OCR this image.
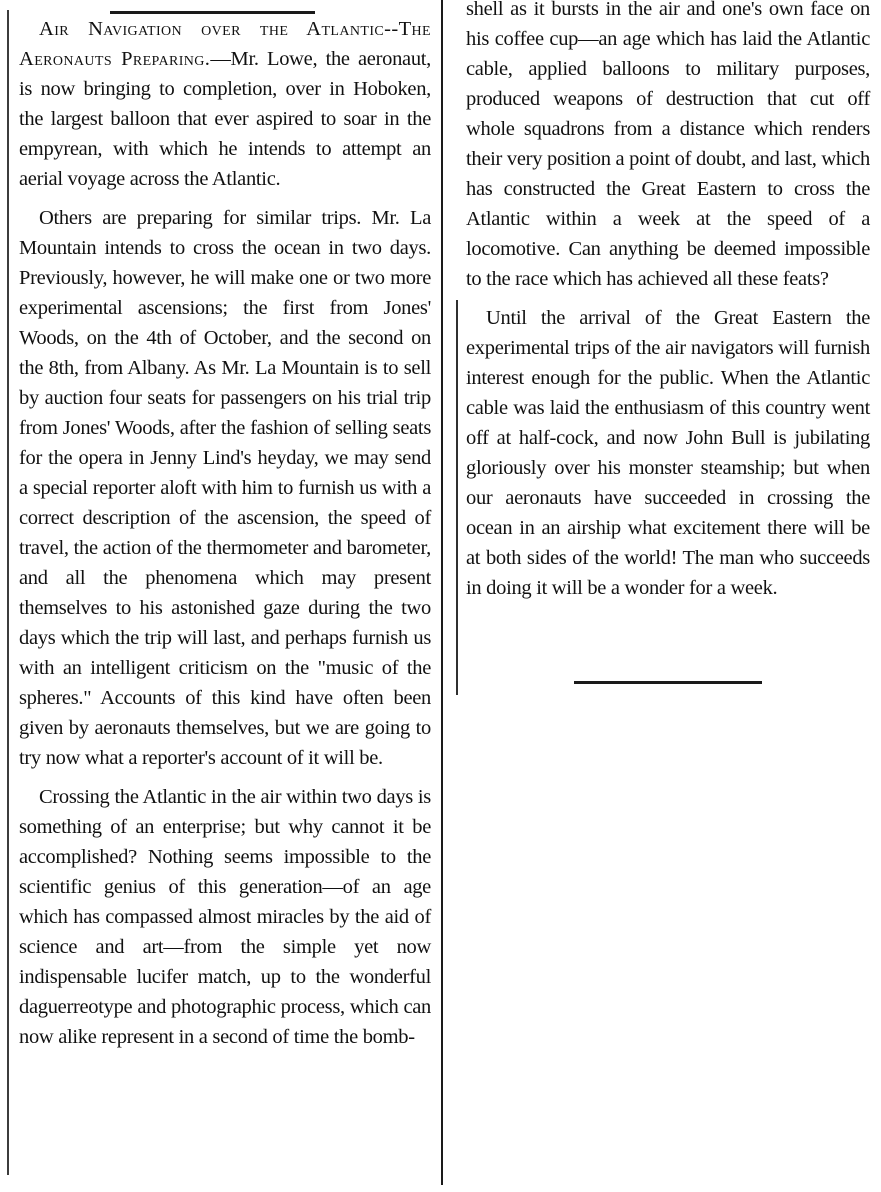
Air Navigation over the Atlantic--The Aeronauts Preparing.—Mr. Lowe, the aeronaut, is now bringing to completion, over in Hoboken, the largest balloon that ever aspired to soar in the empyrean, with which he intends to attempt an aerial voyage across the Atlantic.

Others are preparing for similar trips. Mr. La Mountain intends to cross the ocean in two days. Previously, however, he will make one or two more experimental ascensions; the first from Jones' Woods, on the 4th of October, and the second on the 8th, from Albany. As Mr. La Mountain is to sell by auction four seats for passengers on his trial trip from Jones' Woods, after the fashion of selling seats for the opera in Jenny Lind's heyday, we may send a special reporter aloft with him to furnish us with a correct description of the ascension, the speed of travel, the action of the thermometer and barometer, and all the phenomena which may present themselves to his astonished gaze during the two days which the trip will last, and perhaps furnish us with an intelligent criticism on the "music of the spheres." Accounts of this kind have often been given by aeronauts themselves, but we are going to try now what a reporter's account of it will be.

Crossing the Atlantic in the air within two days is something of an enterprise; but why cannot it be accomplished? Nothing seems impossible to the scientific genius of this generation—of an age which has compassed almost miracles by the aid of science and art—from the simple yet now indispensable lucifer match, up to the wonderful daguerreotype and photographic process, which can now alike represent in a second of time the bomb-

shell as it bursts in the air and one's own face on his coffee cup—an age which has laid the Atlantic cable, applied balloons to military purposes, produced weapons of destruction that cut off whole squadrons from a distance which renders their very position a point of doubt, and last, which has constructed the Great Eastern to cross the Atlantic within a week at the speed of a locomotive. Can anything be deemed impossible to the race which has achieved all these feats?

Until the arrival of the Great Eastern the experimental trips of the air navigators will furnish interest enough for the public. When the Atlantic cable was laid the enthusiasm of this country went off at half-cock, and now John Bull is jubilating gloriously over his monster steamship; but when our aeronauts have succeeded in crossing the ocean in an airship what excitement there will be at both sides of the world! The man who succeeds in doing it will be a wonder for a week.
